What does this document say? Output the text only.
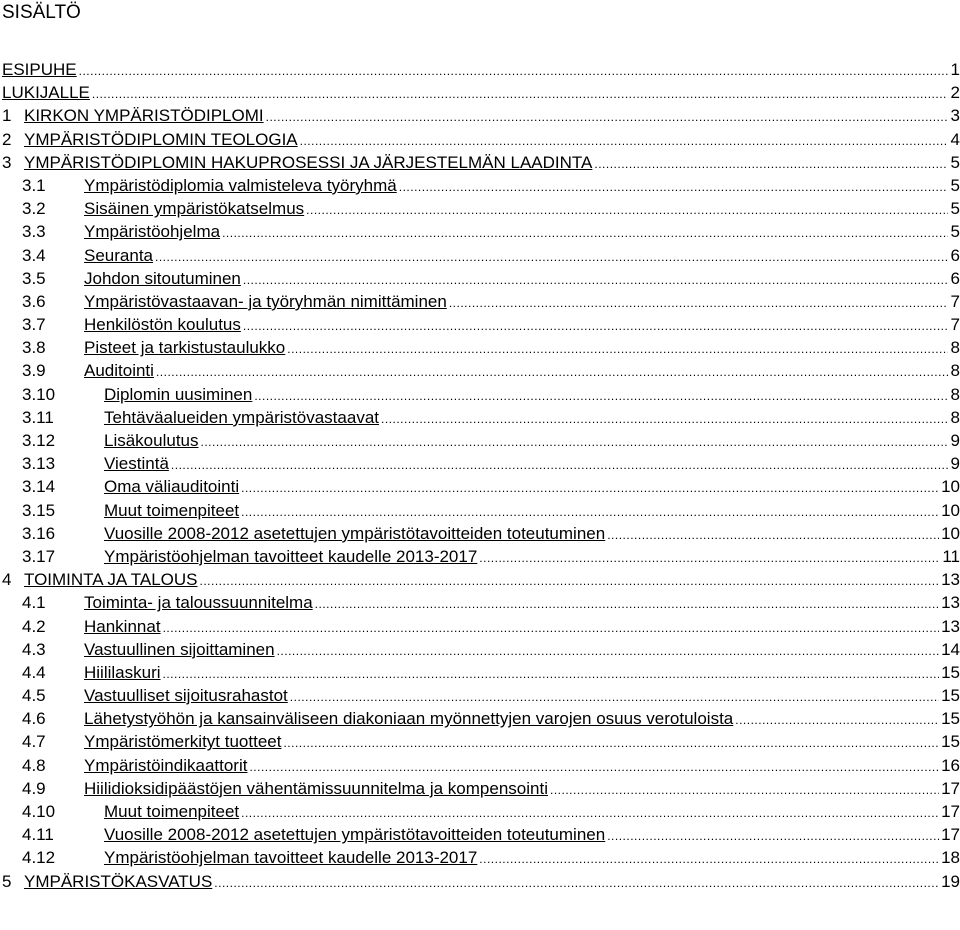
SISÄLTÖ
ESIPUHE .....	1
LUKIJALLE .....	2
1 KIRKON YMPÄRISTÖDIPLOMI .....	3
2 YMPÄRISTÖDIPLOMIN TEOLOGIA .....	4
3 YMPÄRISTÖDIPLOMIN HAKUPROSESSI JA JÄRJESTELMÄN LAADINTA .....	5
3.1	Ympäristödiplomia valmisteleva työryhmä .....	5
3.2	Sisäinen ympäristökatselmus .....	5
3.3	Ympäristöohjelma .....	5
3.4	Seuranta .....	6
3.5	Johdon sitoutuminen .....	6
3.6	Ympäristövastaavan- ja työryhmän nimittäminen .....	7
3.7	Henkilöstön koulutus .....	7
3.8	Pisteet ja tarkistustaulukko .....	8
3.9	Auditointi .....	8
3.10	Diplomin uusiminen .....	8
3.11	Tehtäväalueiden ympäristövastaavat .....	8
3.12	Lisäkoulutus .....	9
3.13	Viestintä .....	9
3.14	Oma väliauditointi .....	10
3.15	Muut toimenpiteet .....	10
3.16	Vuosille 2008-2012 asetettujen ympäristötavoitteiden toteutuminen .....	10
3.17	Ympäristöohjelman tavoitteet kaudelle 2013-2017 .....	11
4 TOIMINTA JA TALOUS .....	13
4.1	Toiminta- ja taloussuunnitelma .....	13
4.2	Hankinnat .....	13
4.3	Vastuullinen sijoittaminen .....	14
4.4	Hiililaskuri .....	15
4.5	Vastuulliset sijoitusrahastot .....	15
4.6	Lähetystyöhön ja kansainväliseen diakoniaan myönnettyjen varojen osuus verotuloista .....	15
4.7	Ympäristömerkityt tuotteet .....	15
4.8	Ympäristöindikaattorit .....	16
4.9	Hiilidioksidipäästöjen vähentämissuunnitelma ja kompensointi .....	17
4.10	Muut toimenpiteet .....	17
4.11	Vuosille 2008-2012 asetettujen ympäristötavoitteiden toteutuminen .....	17
4.12	Ympäristöohjelman tavoitteet kaudelle 2013-2017 .....	18
5 YMPÄRISTÖKASVATUS .....	19
